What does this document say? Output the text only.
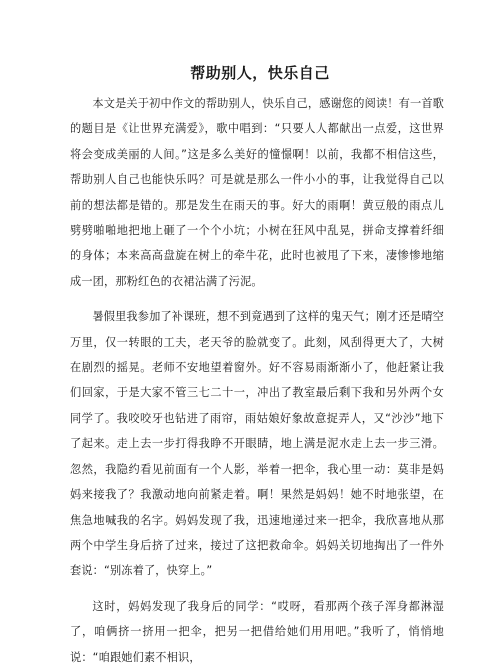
帮助别人，快乐自己

本文是关于初中作文的帮助别人，快乐自己，感谢您的阅读！有一首歌的题目是《让世界充满爱》，歌中唱到：“只要人人都献出一点爱，这世界将会变成美丽的人间。”这是多么美好的憧憬啊！以前，我都不相信这些，帮助别人自己也能快乐吗？可是就是那么一件小小的事，让我觉得自己以前的想法都是错的。那是发生在雨天的事。好大的雨啊！黄豆般的雨点儿劈劈啪啪地把地上砸了一个个小坑；小树在狂风中乱晃，拼命支撑着纤细的身体；本来高高盘旋在树上的牵牛花，此时也被甩了下来，凄惨惨地缩成一团，那粉红色的衣裙沾满了污泥。

暑假里我参加了补课班，想不到竟遇到了这样的鬼天气；刚才还是晴空万里，仅一转眼的工夫，老天爷的脸就变了。此刻，风刮得更大了，大树在剧烈的摇晃。老师不安地望着窗外。好不容易雨渐渐小了，他赶紧让我们回家，于是大家不管三七二十一，冲出了教室最后剩下我和另外两个女同学了。我咬咬牙也钻进了雨帘，雨姑娘好象故意捉弄人，又“沙沙”地下了起来。走上去一步打得我睁不开眼睛，地上满是泥水走上去一步三滑。忽然，我隐约看见前面有一个人影，举着一把伞，我心里一动：莫非是妈妈来接我了？我激动地向前紧走着。啊！果然是妈妈！她不时地张望，在焦急地喊我的名字。妈妈发现了我，迅速地递过来一把伞，我欣喜地从那两个中学生身后挤了过来，接过了这把救命伞。妈妈关切地掏出了一件外套说：“别冻着了，快穿上。”

这时，妈妈发现了我身后的同学：“哎呀，看那两个孩子浑身都淋湿了，咱俩挤一挤用一把伞，把另一把借给她们用用吧。”我听了，悄悄地说：“咱跟她们素不相识，
